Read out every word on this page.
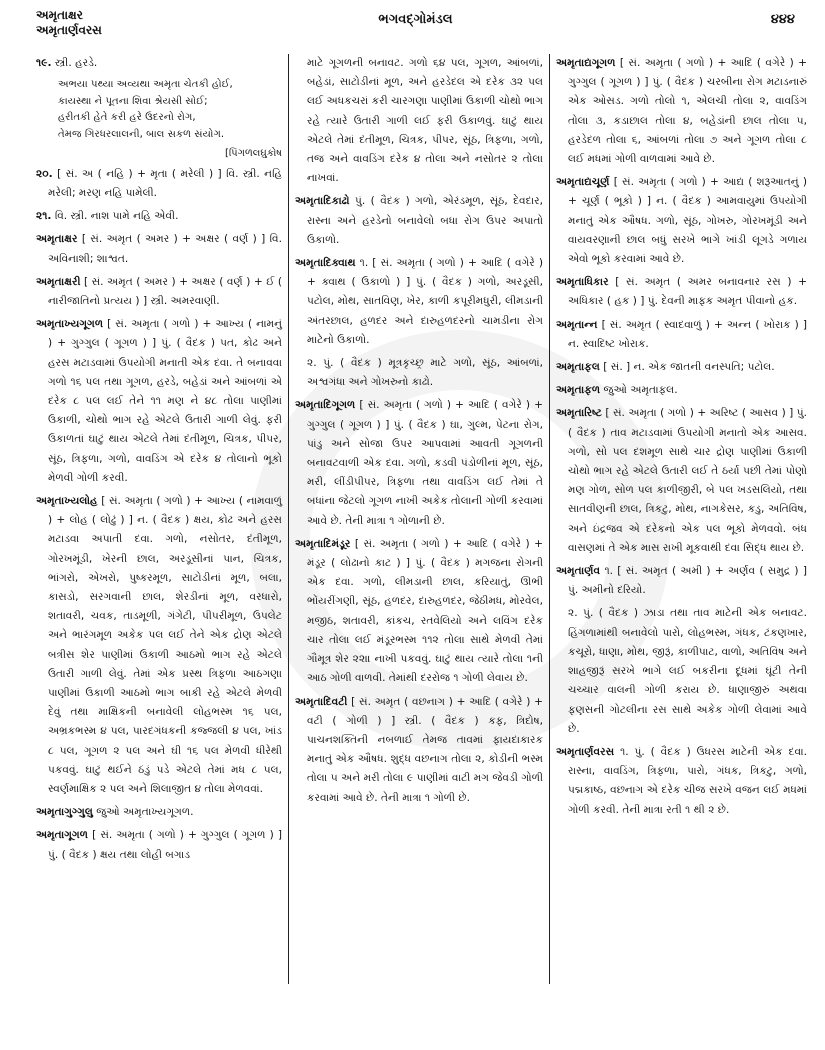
અમૃતાક્ષર
અમૃતાર્ણવરસ
ભગવદ્ગોમંડલ	૪૪૪

૧૯. સ્ત્રી. હરડે.

અભયા પથ્યા અવ્યથા અમૃતા ચેતકી હોઈ,

કાયસ્થા ને પૂતના શિવા શ્રેયસી સોઈ;

હરીતકી હેતે કરી હરે ઉદરનો રોગ,

તેમજ ગિરધરલાલની, બાલ સકળ સંયોગ.

[પિંગળલઘુકોષ

૨૦. [ સં. અ ( નહિ ) + મૃતા ( મરેલી ) ] વિ. સ્ત્રી. નહિ મરેલી; મરણ નહિ પામેલી.

૨૧. વિ. સ્ત્રી. નાશ પામે નહિ એવી.

અમૃતાક્ષર [ સં. અમૃત ( અમર ) + અક્ષર ( વર્ણ ) ] વિ. અવિનાશી; શાશ્વત.

અમૃતાક્ષરી [ સં. અમૃત ( અમર ) + અક્ષર ( વર્ણ ) + ઈ ( નારીજાતિનો પ્રત્યય ) ] સ્ત્રી. અમરવાણી.

અમૃતાખ્યગૂગળ [ સં. અમૃતા ( ગળો ) + આખ્ય ( નામનું ) + ગુગ્ગુલ ( ગૂગળ ) ] પું. ( વૈદક ) પત, કોઢ અને હરસ મટાડવામાં ઉપયોગી મનાતી એક દવા. તે બનાવવા ગળો ૧૬ પલ તથા ગૂગળ, હરડે, બહેડાં અને આંબળાં એ દરેક ૮ પલ લઈ તેને ૧૧ મણ ને ૪૮ તોલા પાણીમાં ઉકાળી, ચોથો ભાગ રહે એટલે ઉતારી ગાળી લેવું. ફરી ઉકાળતાં ઘાટું થાય એટલે તેમાં દંતીમૂળ, ચિત્રક, પીપર, સૂંઠ, ત્રિફળા, ગળો, વાવડિંગ એ દરેક ૪ તોલાનો ભૂકો મેળવી ગોળી કરવી.

અમૃતાખ્યલોહ [ સં. અમૃતા ( ગળો ) + આખ્ય ( નામવાળું ) + લોહ ( લોઢું ) ] ન. ( વૈદક ) ક્ષય, કોઢ અને હરસ મટાડવા અપાતી દવા. ગળો, નસોતર, દંતીમૂળ, ગોરખમૂંડી, ખેરની છાલ, અરડૂસીનાં પાન, ચિત્રક, ભાંગરો, એખરો, પુષ્કરમૂળ, સાટોડીનાં મૂળ, બલા, કાસડો, સરગવાની છાલ, શેરડીનાં મૂળ, વરધારો, શતાવરી, ચવક, તાડમૂળી, ગંગેટી, પીપરીમૂળ, ઉપલેટ અને ભારંગમૂળ અકેક પલ લઈ તેને એક દ્રોણ એટલે બત્રીસ શેર પાણીમાં ઉકાળી આઠમો ભાગ રહે એટલે ઉતારી ગાળી લેવું. તેમાં એક પ્રસ્થ ત્રિફળા આઠગણા પાણીમાં ઉકાળી આઠમો ભાગ બાકી રહે એટલે મેળવી દેવું તથા માક્ષિકની બનાવેલી લોહભસ્મ ૧૬ પલ, અભ્રકભસ્મ ૪ પલ, પારદગંધકની કજ્જલી ૪ પલ, ખાંડ ૮ પલ, ગૂગળ ૨ પલ અને ઘી ૧૬ પલ મેળવી ધીરેથી પકવવું. ઘાટું થઈને ઠંડું પડે એટલે તેમાં મધ ૮ પલ, સ્વર્ણમાક્ષિક ૨ પલ અને શિલાજીત ૪ તોલા મેળવવાં.

અમૃતાગુગ્ગુલુ જુઓ અમૃતાખ્યગૂગળ.

અમૃતાગૂગળ [ સં. અમૃતા ( ગળો ) + ગુગ્ગુલ ( ગૂગળ ) ] પું. ( વૈદક ) ક્ષય તથા લોહી બગાડ

માટે ગૂગળની બનાવટ. ગળો ૬૪ પલ, ગૂગળ, આંબળાં, બહેડાં, સાટોડીનાં મૂળ, અને હરડેદલ એ દરેક ૩૨ પલ લઈ અધકચરાં કરી ચારગણા પાણીમાં ઉકાળી ચોથો ભાગ રહે ત્યારે ઉતારી ગાળી લઈ ફરી ઉકાળવું. ઘાટું થાય એટલે તેમાં દંતીમૂળ, ચિત્રક, પીપર, સૂંઠ, ત્રિફળા, ગળો, તજ અને વાવડિંગ દરેક ૪ તોલા અને નસોતર ૨ તોલા નાખવાં.

અમૃતાદિકાઢો પું. ( વૈદક ) ગળો, એરંડમૂળ, સૂંઠ, દેવદાર, રાસ્ના અને હરડેનો બનાવેલો બધા રોગ ઉપર અપાતો ઉકાળો.

અમૃતાદિક્વાથ ૧. [ સં. અમૃતા ( ગળો ) + આદિ ( વગેરે ) + ક્વાથ ( ઉકાળો ) ] પું. ( વૈદક ) ગળો, અરડૂસી, પટોલ, મોથ, સાતવિણ, ખેર, કાળી કપૂરીમધુરી, લીમડાની અંતરછાલ, હળદર અને દારુહળદરનો ચામડીના રોગ માટેનો ઉકાળો.

૨. પું. ( વૈદક ) મૂત્રકૃચ્છ્ર માટે ગળો, સૂંઠ, આંબળાં, અશ્વગંધા અને ગોખરુનો કાઢો.

અમૃતાદિગૂગળ [ સં. અમૃતા ( ગળો ) + આદિ ( વગેરે ) + ગુગ્ગુલ ( ગૂગળ ) ] પું. ( વૈદક ) ઘા, ગુલ્મ, પેટના રોગ, પાંડુ અને સોજા ઉપર આપવામાં આવતી ગૂગળની બનાવટવાળી એક દવા. ગળો, કડવી પંડોળીનાં મૂળ, સૂંઠ, મરી, લીંડીપીપર, ત્રિફળા તથા વાવડિંગ લઈ તેમાં તે બધાંના જેટલો ગૂગળ નાખી અકેક તોલાની ગોળી કરવામાં આવે છે. તેની માત્રા ૧ ગોળાની છે.

અમૃતાદિમંડૂર [ સં. અમૃતા ( ગળો ) + આદિ ( વગેરે ) + મંડૂર ( લોઢાનો કાટ ) ] પું. ( વૈદક ) મગજના રોગની એક દવા. ગળો, લીમડાની છાલ, કરિયાતું, ઊભી ભોંયરીંગણી, સૂંઠ, હળદર, દારુહળદર, જેઠીમધ, મોરવેલ, મજીઠ, શતાવરી, કાંકચ, રતવેલિયો અને લવિંગ દરેક ચાર તોલા લઈ મંડૂરભસ્મ ૧૧૨ તોલા સાથે મેળવી તેમાં ગૌમૂત્ર શેર ૨૨॥ નાખી પકવવું. ઘાટું થાય ત્યારે તોલા ૧ની આઠ ગોળી વાળવી. તેમાંથી દરરોજ ૧ ગોળી લેવાય છે.

અમૃતાદિવટી [ સં. અમૃત ( વછનાગ ) + આદિ ( વગેરે ) + વટી ( ગોળી ) ] સ્ત્રી. ( વૈદક ) કફ, ત્રિદોષ, પાચનશક્તિની નબળાઈ તેમજ તાવમાં ફાયદાકારક મનાતું એક ઔષધ. શુદ્ધ વછનાગ તોલા ૨, કોડીની ભસ્મ તોલા ૫ અને મરી તોલા ૯ પાણીમાં વાટી મગ જેવડી ગોળી કરવામાં આવે છે. તેની માત્રા ૧ ગોળી છે.

અમૃતાદ્યગૂગળ [ સં. અમૃતા ( ગળો ) + આદિ ( વગેરે ) + ગુગ્ગુલ ( ગૂગળ ) ] પું. ( વૈદક ) ચરબીના રોગ મટાડનારું એક ઓસડ. ગળો તોલો ૧, એલચી તોલા ૨, વાવડિંગ તોલા ૩, કડાછાલ તોલા ૪, બહેડાંની છાલ તોલા ૫, હરડેદળ તોલા ૬, આંબળાં તોલા ૭ અને ગૂગળ તોલા ૮ લઈ મધમાં ગોળી વાળવામાં આવે છે.

અમૃતાદ્યચૂર્ણ [ સં. અમૃતા ( ગળો ) + આદ્ય ( શરૂઆતનું ) + ચૂર્ણ ( ભૂકો ) ] ન. ( વૈદક ) આમવાયુમાં ઉપયોગી મનાતું એક ઔષધ. ગળો, સૂંઠ, ગોખરુ, ગોરખમૂંડી અને વાયવરણાની છાલ બધું સરખે ભાગે ખાંડી લૂગડે ગળાય એવો ભૂકો કરવામાં આવે છે.

અમૃતાધિકાર [ સં. અમૃત ( અમર બનાવનાર રસ ) + અધિકાર ( હક ) ] પું. દેવની માફક અમૃત પીવાનો હક.

અમૃતાન્ન [ સં. અમૃત ( સ્વાદવાળું ) + અન્ન ( ખોરાક ) ] ન. સ્વાદિષ્ટ ખોરાક.

અમૃતાફલ [ સં. ] ન. એક જાતની વનસ્પતિ; પટોલ.

અમૃતાફળ જુઓ અમૃતાફલ.

અમૃતારિષ્ટ [ સં. અમૃતા ( ગળો ) + અરિષ્ટ ( આસવ ) ] પું. ( વૈદક ) તાવ મટાડવામાં ઉપયોગી મનાતો એક આસવ. ગળો, સો પલ દશમૂળ સાથે ચાર દ્રોણ પાણીમાં ઉકાળી ચોથો ભાગ રહે એટલે ઉતારી લઈ તે ઠર્યા પછી તેમાં પોણો મણ ગોળ, સોળ પલ કાળીજીરી, બે પલ ખડસલિયો, તથા સાતવીણની છાલ, ત્રિકટુ, મોથ, નાગકેસર, કડુ, અતિવિષ, અને ઇંદ્રજવ એ દરેકનો એક પલ ભૂકો મેળવવો. બંધ વાસણમાં તે એક માસ રાખી મૂકવાથી દવા સિદ્ધ થાય છે.

અમૃતાર્ણવ ૧. [ સં. અમૃત ( અમી ) + અર્ણવ ( સમુદ્ર ) ] પું. અમીનો દરિયો.

૨. પું. ( વૈદક ) ઝાડા તથા તાવ માટેની એક બનાવટ. હિંગળામાંથી બનાવેલો પારો, લોહભસ્મ, ગંધક, ટંકણખાર, કચૂરો, ધાણા, મોથ, જીરૂં, કાળીપાટ, વાળો, અતિવિષ અને શાહજીરૂં સરખે ભાગે લઈ બકરીના દૂધમાં ઘૂંટી તેની ચચ્ચાર વાલની ગોળી કરાય છે. ધાણાજીરું અથવા ફણસની ગોટલીના રસ સાથે અકેક ગોળી લેવામાં આવે છે.

અમૃતાર્ણવરસ ૧. પું. ( વૈદક ) ઉધરસ માટેની એક દવા. રાસ્ના, વાવડિંગ, ત્રિફળા, પારો, ગંધક, ત્રિકટુ, ગળો, પદ્મકાષ્ઠ, વછનાગ એ દરેક ચીજ સરખે વજન લઈ મધમાં ગોળી કરવી. તેની માત્રા રતી ૧ થી ૨ છે.
